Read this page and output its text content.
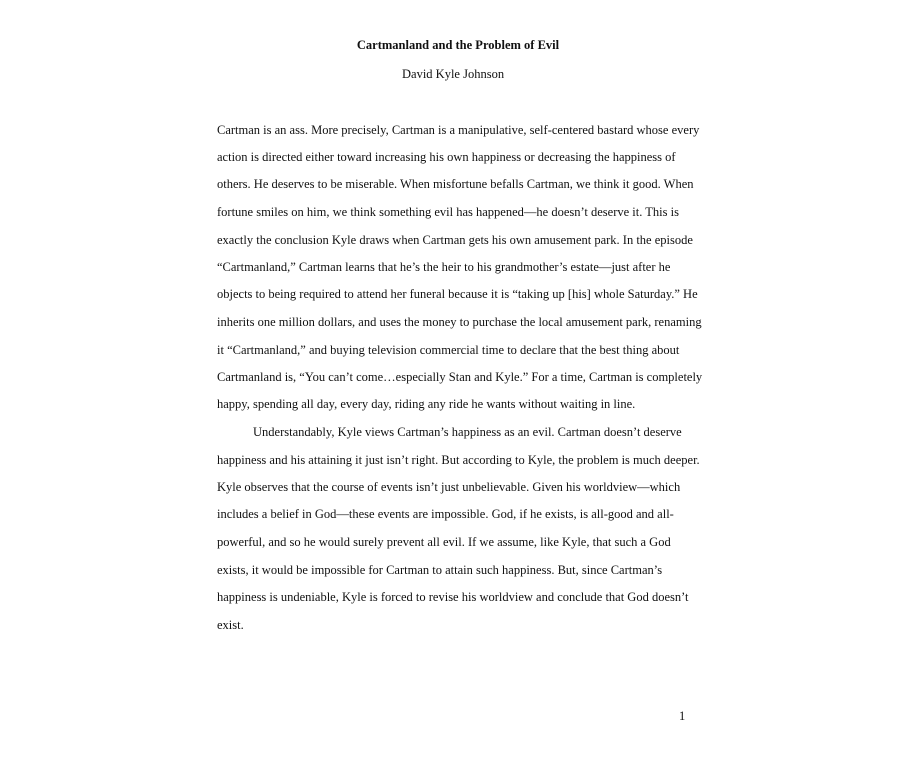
Cartmanland and the Problem of Evil
David Kyle Johnson
Cartman is an ass. More precisely, Cartman is a manipulative, self-centered bastard whose every
action is directed either toward increasing his own happiness or decreasing the happiness of
others. He deserves to be miserable. When misfortune befalls Cartman, we think it good. When
fortune smiles on him, we think something evil has happened—he doesn’t deserve it. This is
exactly the conclusion Kyle draws when Cartman gets his own amusement park. In the episode
“Cartmanland,” Cartman learns that he’s the heir to his grandmother’s estate—just after he
objects to being required to attend her funeral because it is “taking up [his] whole Saturday.” He
inherits one million dollars, and uses the money to purchase the local amusement park, renaming
it “Cartmanland,” and buying television commercial time to declare that the best thing about
Cartmanland is, “You can’t come…especially Stan and Kyle.” For a time, Cartman is completely
happy, spending all day, every day, riding any ride he wants without waiting in line.
Understandably, Kyle views Cartman’s happiness as an evil. Cartman doesn’t deserve
happiness and his attaining it just isn’t right. But according to Kyle, the problem is much deeper.
Kyle observes that the course of events isn’t just unbelievable. Given his worldview—which
includes a belief in God—these events are impossible. God, if he exists, is all-good and all-
powerful, and so he would surely prevent all evil. If we assume, like Kyle, that such a God
exists, it would be impossible for Cartman to attain such happiness. But, since Cartman’s
happiness is undeniable, Kyle is forced to revise his worldview and conclude that God doesn’t
exist.
1
